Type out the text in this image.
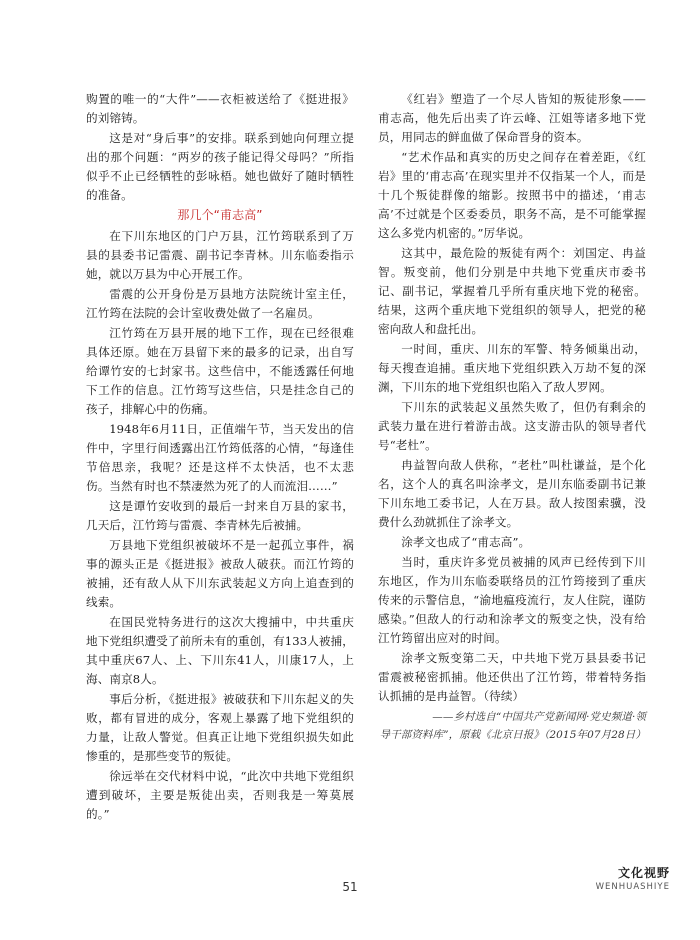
购置的唯一的“大件”——衣柜被送给了《挺进报》的刘镕铸。

这是对“身后事”的安排。联系到她向何理立提出的那个问题：“两岁的孩子能记得父母吗？”所指似乎不止已经牺牲的彭咏梧。她也做好了随时牺牲的准备。

那几个“甫志高”

在下川东地区的门户万县，江竹筠联系到了万县的县委书记雷震、副书记李青林。川东临委指示她，就以万县为中心开展工作。

雷震的公开身份是万县地方法院统计室主任，江竹筠在法院的会计室收费处做了一名雇员。

江竹筠在万县开展的地下工作，现在已经很难具体还原。她在万县留下来的最多的记录，出自写给谭竹安的七封家书。这些信中，不能透露任何地下工作的信息。江竹筠写这些信，只是挂念自己的孩子，排解心中的伤痛。

1948年6月11日，正值端午节，当天发出的信件中，字里行间透露出江竹筠低落的心情，“每逢佳节倍思亲，我呢？还是这样不太快活，也不太悲伤。当然有时也不禁凄然为死了的人而流泪……”

这是谭竹安收到的最后一封来自万县的家书，几天后，江竹筠与雷震、李青林先后被捕。

万县地下党组织被破坏不是一起孤立事件，祸事的源头正是《挺进报》被敌人破获。而江竹筠的被捕，还有敌人从下川东武装起义方向上追查到的线索。

在国民党特务进行的这次大搜捕中，中共重庆地下党组织遭受了前所未有的重创，有133人被捕，其中重庆67人、上、下川东41人，川康17人，上海、南京8人。

事后分析，《挺进报》被破获和下川东起义的失败，都有冒进的成分，客观上暴露了地下党组织的力量，让敌人警觉。但真正让地下党组织损失如此惨重的，是那些变节的叛徒。

徐远举在交代材料中说，“此次中共地下党组织遭到破坏，主要是叛徒出卖，否则我是一筹莫展的。”

《红岩》塑造了一个尽人皆知的叛徒形象——甫志高，他先后出卖了许云峰、江姐等诸多地下党员，用同志的鲜血做了保命晋身的资本。

“艺术作品和真实的历史之间存在着差距，《红岩》里的‘甫志高’在现实里并不仅指某一个人，而是十几个叛徒群像的缩影。按照书中的描述，‘甫志高’不过就是个区委委员，职务不高，是不可能掌握这么多党内机密的。”厉华说。

这其中，最危险的叛徒有两个：刘国定、冉益智。叛变前，他们分别是中共地下党重庆市委书记、副书记，掌握着几乎所有重庆地下党的秘密。结果，这两个重庆地下党组织的领导人，把党的秘密向敌人和盘托出。

一时间，重庆、川东的军警、特务倾巢出动，每天搜查追捕。重庆地下党组织跌入万劫不复的深渊，下川东的地下党组织也陷入了敌人罗网。

下川东的武装起义虽然失败了，但仍有剩余的武装力量在进行着游击战。这支游击队的领导者代号“老杜”。

冉益智向敌人供称，“老杜”叫杜谦益，是个化名，这个人的真名叫涂孝文，是川东临委副书记兼下川东地工委书记，人在万县。敌人按图索骥，没费什么劲就抓住了涂孝文。

涂孝文也成了“甫志高”。

当时，重庆许多党员被捕的风声已经传到下川东地区，作为川东临委联络员的江竹筠接到了重庆传来的示警信息，“渝地瘟疫流行，友人住院，谨防感染。”但敌人的行动和涂孝文的叛变之快，没有给江竹筠留出应对的时间。

涂孝文叛变第二天，中共地下党万县县委书记雷震被秘密抓捕。他还供出了江竹筠，带着特务指认抓捕的是冉益智。（待续）

——乡村选自“中国共产党新闻网·党史频道·领
导干部资料库”，原载《北京日报》（2015年07月28日）
51
文化视野
WENHUASHIYE
